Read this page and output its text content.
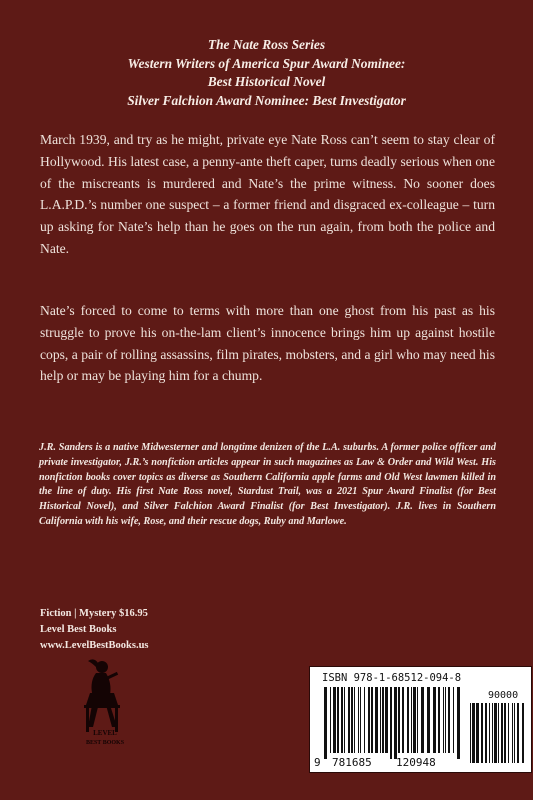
The Nate Ross Series
Western Writers of America Spur Award Nominee:
Best Historical Novel
Silver Falchion Award Nominee: Best Investigator
March 1939, and try as he might, private eye Nate Ross can’t seem to stay clear of Hollywood. His latest case, a penny-ante theft caper, turns deadly serious when one of the miscreants is murdered and Nate’s the prime witness. No sooner does L.A.P.D.’s number one suspect – a former friend and disgraced ex-colleague – turn up asking for Nate’s help than he goes on the run again, from both the police and Nate.
Nate’s forced to come to terms with more than one ghost from his past as his struggle to prove his on-the-lam client’s innocence brings him up against hostile cops, a pair of rolling assassins, film pirates, mobsters, and a girl who may need his help or may be playing him for a chump.
J.R. Sanders is a native Midwesterner and longtime denizen of the L.A. suburbs. A former police officer and private investigator, J.R.’s nonfiction articles appear in such magazines as Law & Order and Wild West. His nonfiction books cover topics as diverse as Southern California apple farms and Old West lawmen killed in the line of duty. His first Nate Ross novel, Stardust Trail, was a 2021 Spur Award Finalist (for Best Historical Novel), and Silver Falchion Award Finalist (for Best Investigator). J.R. lives in Southern California with his wife, Rose, and their rescue dogs, Ruby and Marlowe.
Fiction | Mystery $16.95
Level Best Books
www.LevelBestBooks.us
LEVEL
BEST BOOKS
ISBN 978-1-68512-094-8
90000
9 781685 120948
